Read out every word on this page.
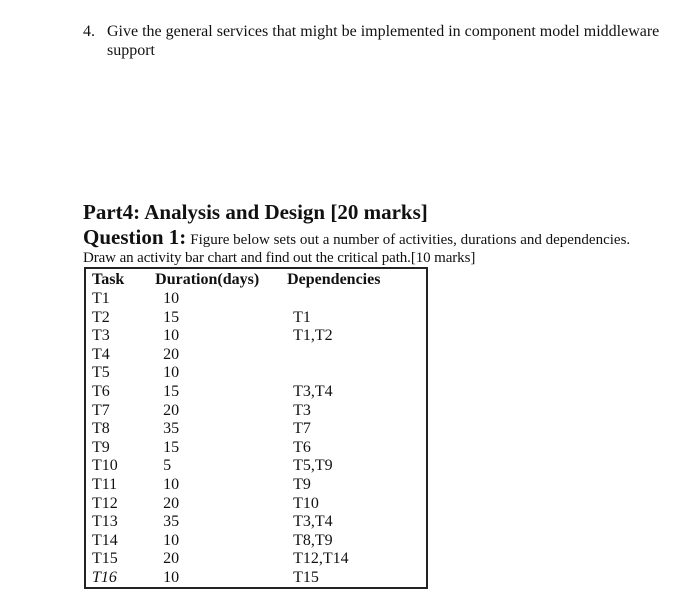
4. Give the general services that might be implemented in component model middleware
support
Part4: Analysis and Design [20 marks]
Question 1: Figure below sets out a number of activities, durations and dependencies.
Draw an activity bar chart and find out the critical path.[10 marks]
Task	Duration(days)	Dependencies
T1	10	
T2	15	T1
T3	10	T1,T2
T4	20	
T5	10	
T6	15	T3,T4
T7	20	T3
T8	35	T7
T9	15	T6
T10	5	T5,T9
T11	10	T9
T12	20	T10
T13	35	T3,T4
T14	10	T8,T9
T15	20	T12,T14
T16	10	T15
